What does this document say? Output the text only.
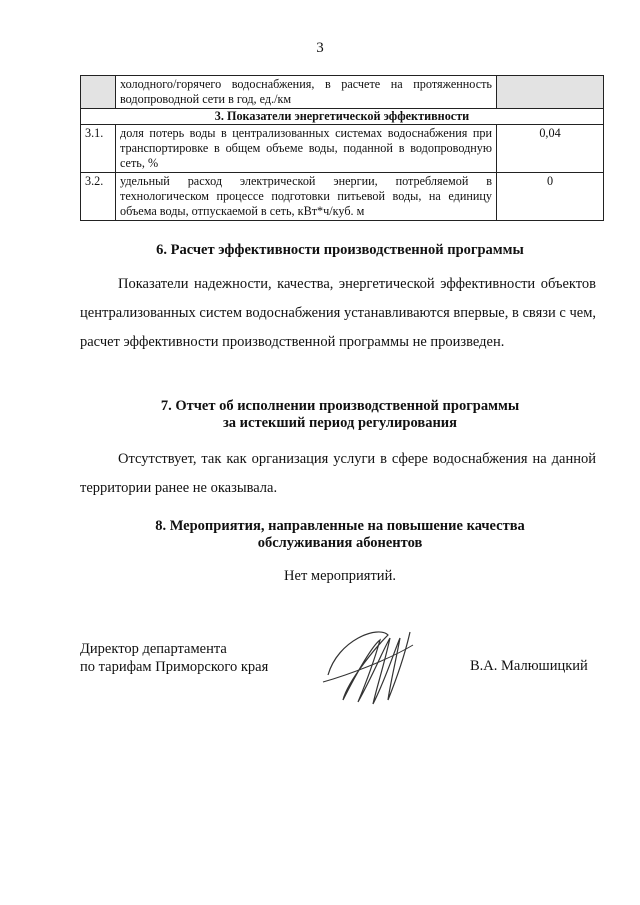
3
	холодного/горячего водоснабжения, в расчете на протяженность водопроводной сети в год, ед./км	
3. Показатели энергетической эффективности		
3.1.	доля потерь воды в централизованных системах водоснабжения при транспортировке в общем объеме воды, поданной в водопроводную сеть, %	0,04
3.2.	удельный расход электрической энергии, потребляемой в технологическом процессе подготовки питьевой воды, на единицу объема воды, отпускаемой в сеть, кВт*ч/куб. м	0
6. Расчет эффективности производственной программы
Показатели надежности, качества, энергетической эффективности объектов централизованных систем водоснабжения устанавливаются впервые, в связи с чем, расчет эффективности производственной программы не произведен.
7. Отчет об исполнении производственной программы
за истекший период регулирования
Отсутствует, так как организация услуги в сфере водоснабжения на данной территории ранее не оказывала.
8. Мероприятия, направленные на повышение качества
обслуживания абонентов
Нет мероприятий.
Директор департамента
по тарифам Приморского края	В.А. Малюшицкий
